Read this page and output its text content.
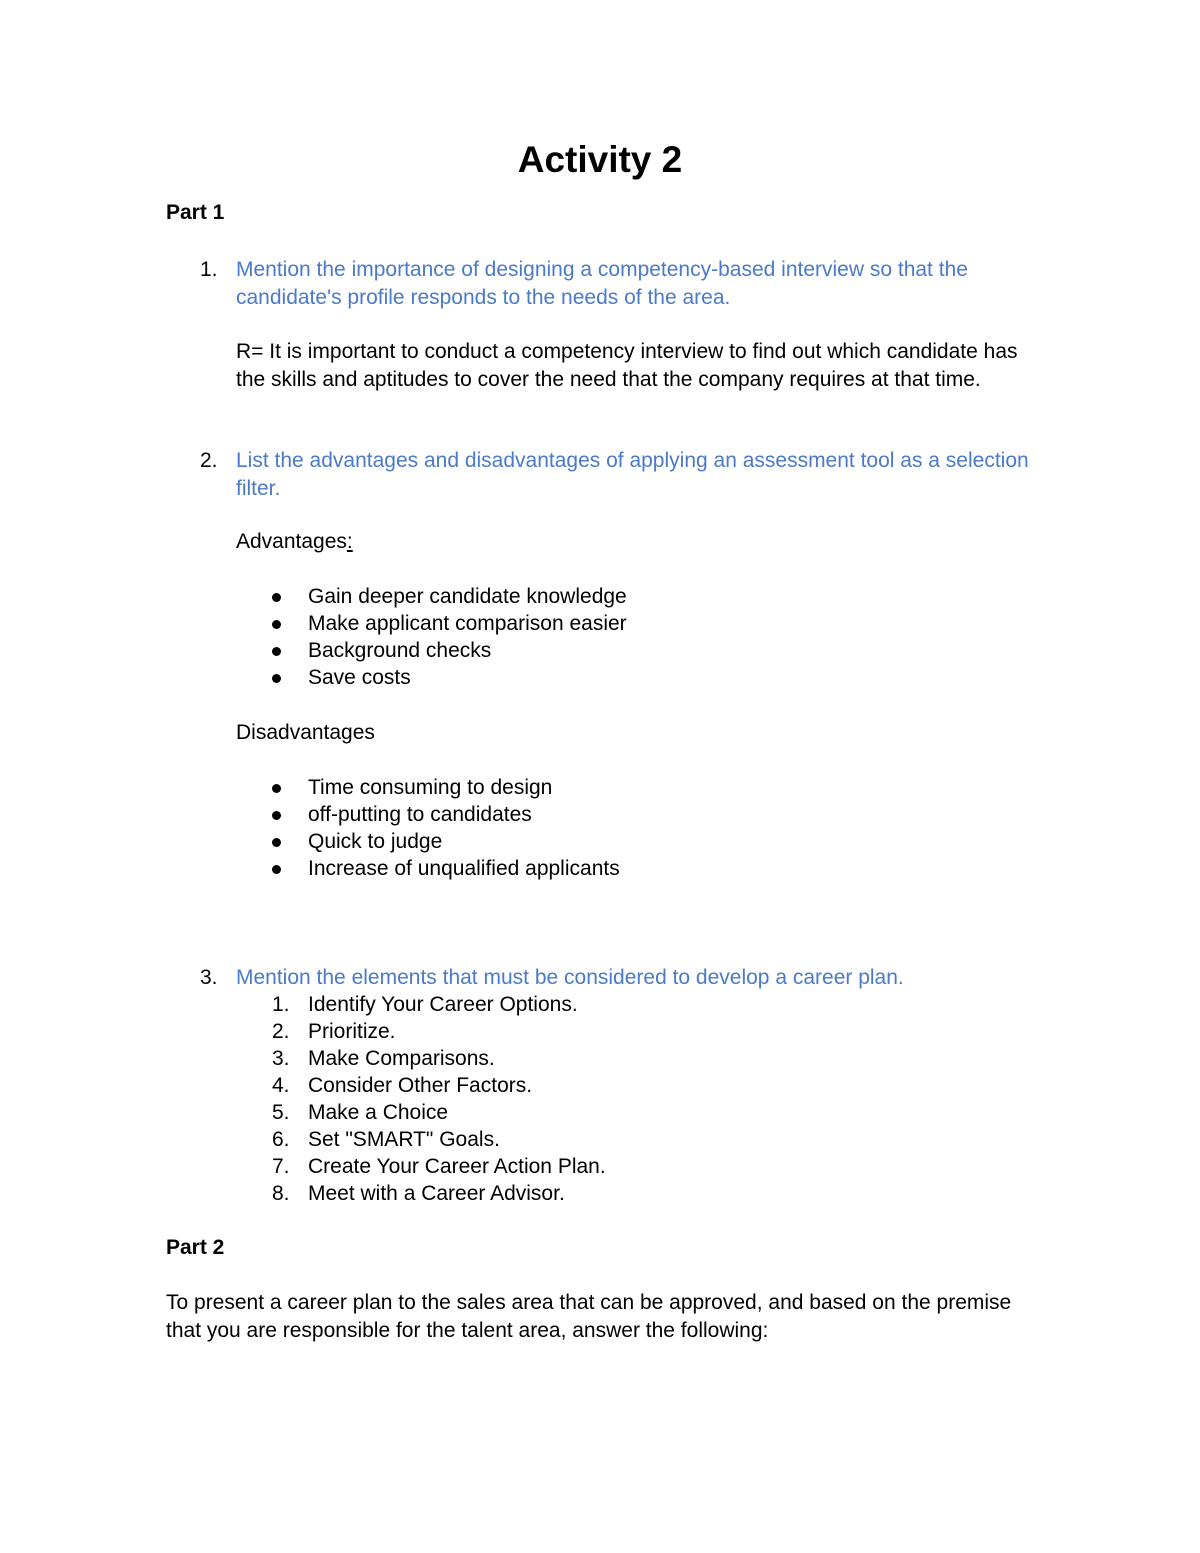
Activity 2
Part 1
1. Mention the importance of designing a competency-based interview so that the candidate's profile responds to the needs of the area.

R= It is important to conduct a competency interview to find out which candidate has the skills and aptitudes to cover the need that the company requires at that time.

2. List the advantages and disadvantages of applying an assessment tool as a selection filter.

Advantages:

Gain deeper candidate knowledge
Make applicant comparison easier
Background checks
Save costs

Disadvantages

Time consuming to design
off-putting to candidates
Quick to judge
Increase of unqualified applicants
3. Mention the elements that must be considered to develop a career plan.

1. Identify Your Career Options.
2. Prioritize.
3. Make Comparisons.
4. Consider Other Factors.
5. Make a Choice
6. Set "SMART" Goals.
7. Create Your Career Action Plan.
8. Meet with a Career Advisor.
Part 2

To present a career plan to the sales area that can be approved, and based on the premise that you are responsible for the talent area, answer the following:
